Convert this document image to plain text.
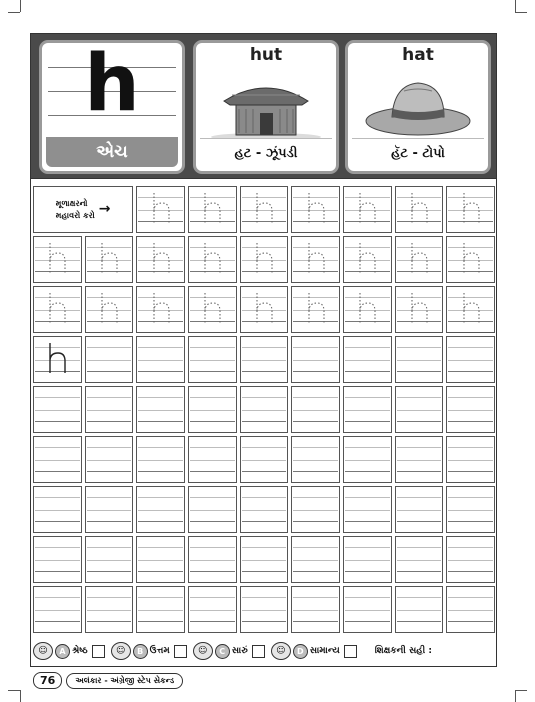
h
એચ
hut
હટ - ઝૂંપડી
hat
હૅટ - ટોપો
મૂળાક્ષરનો
મહાવરો કરો →
☺	A શ્રેષ્ઠ	☺	B ઉત્તમ	☺	C સારું	☺	D સામાન્ય	શિક્ષકની સહી :
76	અલંકાર - અંગ્રેજી સ્ટેપ સેકન્ડ
